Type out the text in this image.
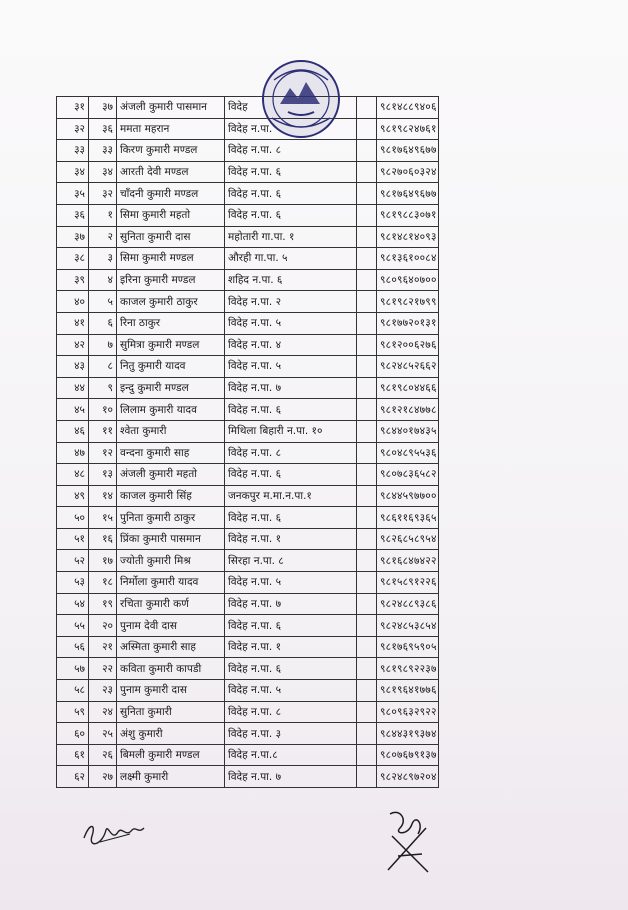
३१	३७	अंजली कुमारी पासमान	विदेह		९८१४८८९४०६
३२	३६	ममता महरान	विदेह न.पा.		९८१९८२४७६१
३३	३३	किरण कुमारी मण्डल	विदेह न.पा. ८		९८१७६४९६७७
३४	३४	आरती देवी मण्डल	विदेह न.पा. ६		९८२७०६०३२४
३५	३२	चाँदनी कुमारी मण्डल	विदेह न.पा. ६		९८१७६४९६७७
३६	१	सिमा कुमारी महतो	विदेह न.पा. ६		९८१९८८३०७१
३७	२	सुनिता कुमारी दास	महोतारी गा.पा. १		९८१४८१४०९३
३८	३	सिमा कुमारी मण्डल	औरही गा.पा. ५		९८१३६१००८४
३९	४	इरिना कुमारी मण्डल	शहिद न.पा. ६		९८०९६४०७००
४०	५	काजल कुमारी ठाकुर	विदेह न.पा. २		९८१९८२१७९९
४१	६	रिना ठाकुर	विदेह न.पा. ५		९८१७७२०१३१
४२	७	सुमित्रा कुमारी मण्डल	विदेह न.पा. ४		९८१२००६२७६
४३	८	नितु कुमारी यादव	विदेह न.पा. ५		९८२४८५२६६२
४४	९	इन्दु कुमारी मण्डल	विदेह न.पा. ७		९८१९८०४४६६
४५	१०	लिलाम कुमारी यादव	विदेह न.पा. ६		९८१२१८४७७८
४६	११	श्वेता कुमारी	मिथिला बिहारी न.पा. १०		९८४४०१७४३५
४७	१२	वन्दना कुमारी साह	विदेह न.पा. ८		९८०४८९५५३६
४८	१३	अंजली कुमारी महतो	विदेह न.पा. ६		९८०७८३६५८२
४९	१४	काजल कुमारी सिंह	जनकपुर म.मा.न.पा.१		९८४४५९७७००
५०	१५	पुनिता कुमारी ठाकुर	विदेह न.पा. ६		९८६११६९३६५
५१	१६	प्रिंका कुमारी पासमान	विदेह न.पा. १		९८२६८५८९५४
५२	१७	ज्योती कुमारी मिश्र	सिरहा न.पा. ८		९८१६८४७४२२
५३	१८	निर्मोला कुमारी यादव	विदेह न.पा. ५		९८१५८९१२२६
५४	१९	रचिता कुमारी कर्ण	विदेह न.पा. ७		९८२४८८९३८६
५५	२०	पुनाम देवी दास	विदेह न.पा. ६		९८२४८५३८५४
५६	२१	अस्मिता कुमारी साह	विदेह न.पा. १		९८१७६९५९०५
५७	२२	कविता कुमारी कापडी	विदेह न.पा. ६		९८१९८९२२३७
५८	२३	पुनाम कुमारी दास	विदेह न.पा. ५		९८१९६४१७७६
५९	२४	सुनिता कुमारी	विदेह न.पा. ८		९८०९६३२९२२
६०	२५	अंशु कुमारी	विदेह न.पा. ३		९८४४३१९३७४
६१	२६	बिमली कुमारी मण्डल	विदेह न.पा.८		९८०७६७९१३७
६२	२७	लक्ष्मी कुमारी	विदेह न.पा. ७		९८२४८९७२०४
